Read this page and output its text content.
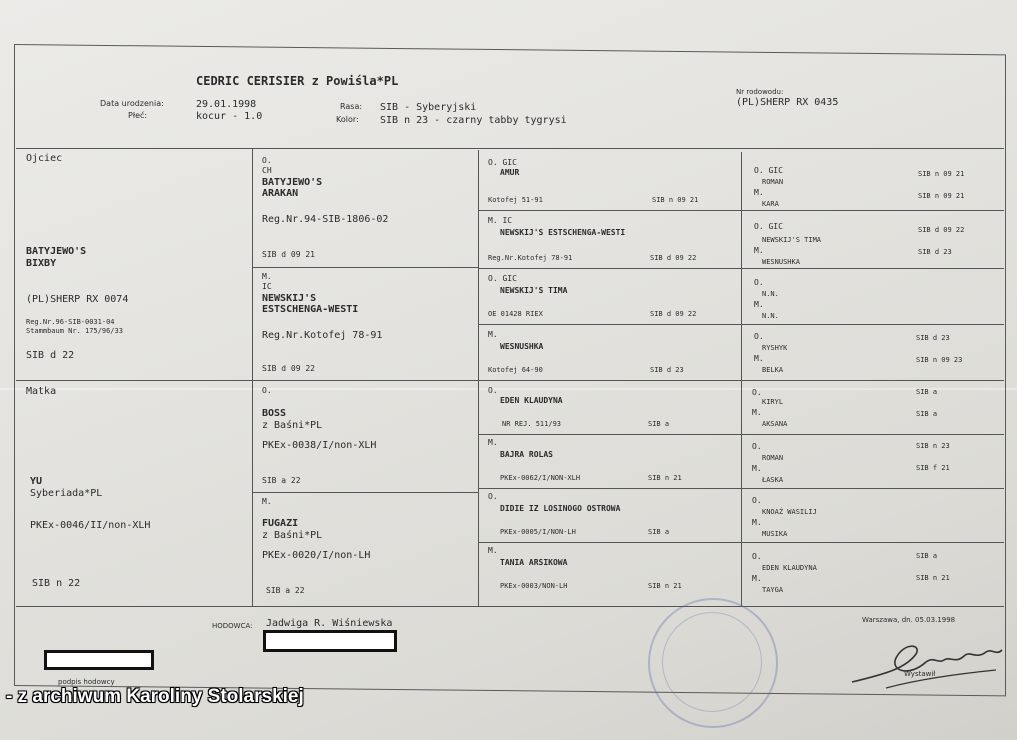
CEDRIC CERISIER z Powiśla*PL
Data urodzenia:	29.01.1998
Płeć:	kocur - 1.0
Rasa: SIB - Syberyjski
Kolor: SIB n 23 - czarny tabby tygrysi
Nr rodowodu:
(PL)SHERP RX 0435
Ojciec
BATYJEWO'S
BIXBY
(PL)SHERP RX 0074
Reg.Nr.96-SIB-0031-04
Stammbaum Nr. 175/96/33
SIB d 22
Matka
YU
Syberiada*PL
PKEx-0046/II/non-XLH
SIB n 22
O.
CH
BATYJEWO'S
ARAKAN
Reg.Nr.94-SIB-1806-02
SIB d 09 21
M.
IC
NEWSKIJ'S
ESTSCHENGA-WESTI
Reg.Nr.Kotofej 78-91
SIB d 09 22
O.
BOSS
z Baśni*PL
PKEx-0038/I/non-XLH
SIB a 22
M.
FUGAZI
z Baśni*PL
PKEx-0020/I/non-LH
SIB a 22
O. GIC
AMUR
Kotofej 51-91	SIB n 09 21
M. IC
NEWSKIJ'S ESTSCHENGA-WESTI
Reg.Nr.Kotofej 78-91	SIB d 09 22
O. GIC
NEWSKIJ'S TIMA
OE 01428 RIEX	SIB d 09 22
M.
WESNUSHKA
Kotofej 64-90	SIB d 23
O.
EDEN KLAUDYNA
NR REJ. 511/93	SIB a
M.
BAJRA ROLAS
PKEx-0062/I/NON-XLH	SIB n 21
O.
DIDIE IZ LOSINOGO OSTROWA
PKEx-0005/I/NON-LH	SIB a
M.
TANIA ARSIKOWA
PKEx-0003/NON-LH	SIB n 21
O. GIC
ROMAN
SIB n 09 21
M.
KARA
SIB n 09 21
O. GIC
NEWSKIJ'S TIMA
SIB d 09 22
M.
WESNUSHKA
SIB d 23
O.
N.N.
M.
N.N.
O.
RYSHYK
SIB d 23
M.
BELKA
SIB n 09 23
O.
KIRYL
SIB a
M.
AKSANA
SIB a
O.
ROMAN
SIB n 23
M.
ŁASKA
SIB f 21
O.
KNOAŹ WASILIJ
M.
MUSIKA
O.
EDEN KLAUDYNA
SIB a
M.
TAYGA
SIB n 21
HODOWCA: Jadwiga R. Wiśniewska	Warszawa, dn. 05.03.1998
podpis hodowcy
Wystawił
- z archiwum Karoliny Stolarskiej
